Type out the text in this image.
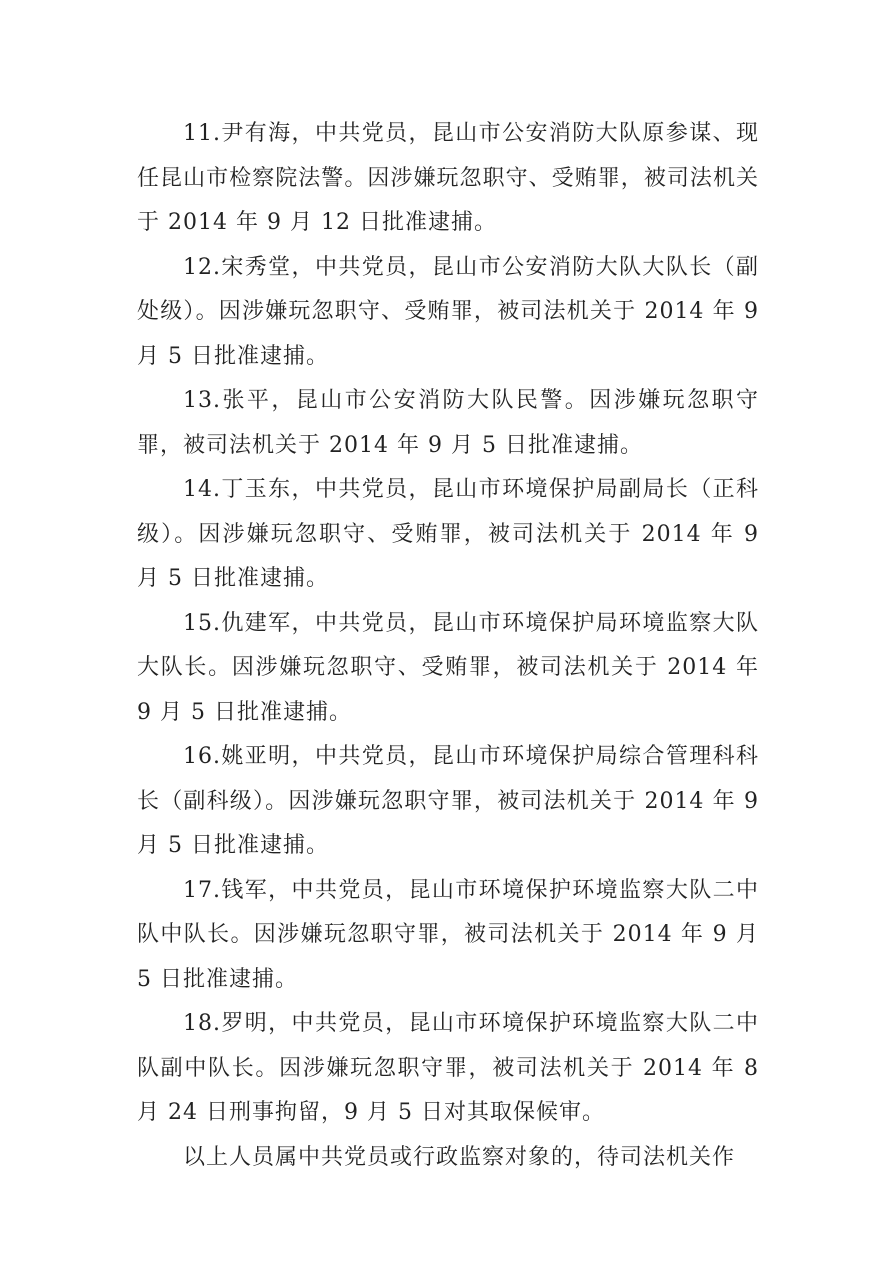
11.尹有海，中共党员，昆山市公安消防大队原参谋、现任昆山市检察院法警。因涉嫌玩忽职守、受贿罪，被司法机关于 2014 年 9 月 12 日批准逮捕。

12.宋秀堂，中共党员，昆山市公安消防大队大队长（副处级）。因涉嫌玩忽职守、受贿罪，被司法机关于 2014 年 9 月 5 日批准逮捕。

13.张平，昆山市公安消防大队民警。因涉嫌玩忽职守罪，被司法机关于 2014 年 9 月 5 日批准逮捕。

14.丁玉东，中共党员，昆山市环境保护局副局长（正科级）。因涉嫌玩忽职守、受贿罪，被司法机关于 2014 年 9 月 5 日批准逮捕。

15.仇建军，中共党员，昆山市环境保护局环境监察大队大队长。因涉嫌玩忽职守、受贿罪，被司法机关于 2014 年 9 月 5 日批准逮捕。

16.姚亚明，中共党员，昆山市环境保护局综合管理科科长（副科级）。因涉嫌玩忽职守罪，被司法机关于 2014 年 9 月 5 日批准逮捕。

17.钱军，中共党员，昆山市环境保护环境监察大队二中队中队长。因涉嫌玩忽职守罪，被司法机关于 2014 年 9 月 5 日批准逮捕。

18.罗明，中共党员，昆山市环境保护环境监察大队二中队副中队长。因涉嫌玩忽职守罪，被司法机关于 2014 年 8 月 24 日刑事拘留，9 月 5 日对其取保候审。

以上人员属中共党员或行政监察对象的，待司法机关作
